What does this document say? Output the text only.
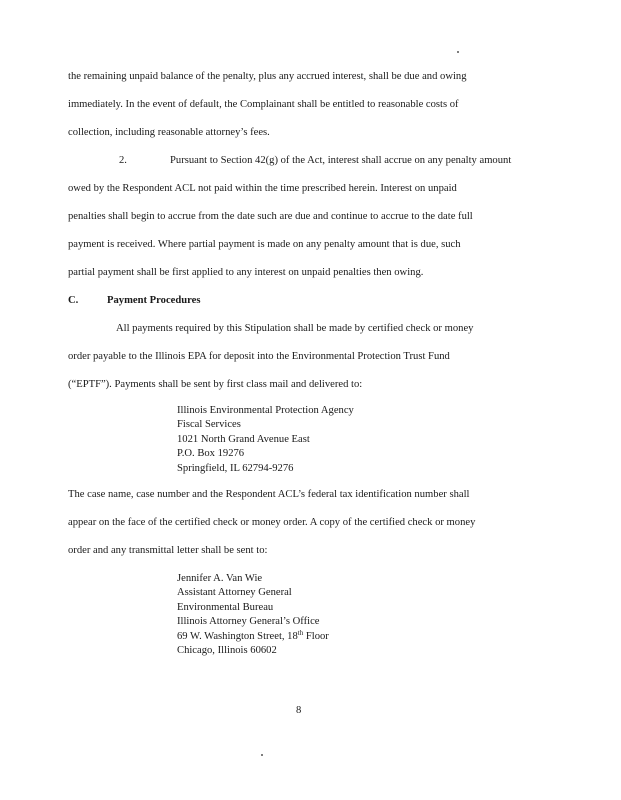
the remaining unpaid balance of the penalty, plus any accrued interest, shall be due and owing
immediately. In the event of default, the Complainant shall be entitled to reasonable costs of
collection, including reasonable attorney’s fees.
2.	Pursuant to Section 42(g) of the Act, interest shall accrue on any penalty amount
owed by the Respondent ACL not paid within the time prescribed herein. Interest on unpaid
penalties shall begin to accrue from the date such are due and continue to accrue to the date full
payment is received. Where partial payment is made on any penalty amount that is due, such
partial payment shall be first applied to any interest on unpaid penalties then owing.
C.	Payment Procedures
All payments required by this Stipulation shall be made by certified check or money
order payable to the Illinois EPA for deposit into the Environmental Protection Trust Fund
(“EPTF”). Payments shall be sent by first class mail and delivered to:
Illinois Environmental Protection Agency
Fiscal Services
1021 North Grand Avenue East
P.O. Box 19276
Springfield, IL 62794-9276
The case name, case number and the Respondent ACL’s federal tax identification number shall
appear on the face of the certified check or money order. A copy of the certified check or money
order and any transmittal letter shall be sent to:
Jennifer A. Van Wie
Assistant Attorney General
Environmental Bureau
Illinois Attorney General’s Office
69 W. Washington Street, 18th Floor
Chicago, Illinois 60602
8
